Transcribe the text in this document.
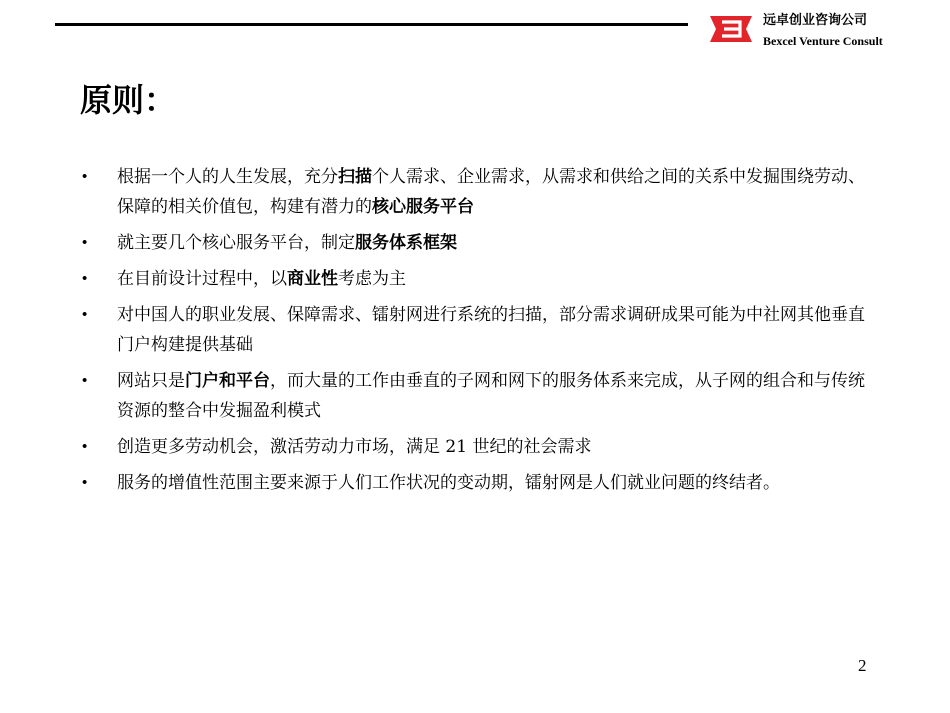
远卓创业咨询公司
Bexcel Venture Consult
原则：
• 根据一个人的人生发展，充分扫描个人需求、企业需求，从需求和供给之间的关系中发掘围绕劳动、保障的相关价值包，构建有潜力的核心服务平台
• 就主要几个核心服务平台，制定服务体系框架
• 在目前设计过程中，以商业性考虑为主
• 对中国人的职业发展、保障需求、镭射网进行系统的扫描，部分需求调研成果可能为中社网其他垂直门户构建提供基础
• 网站只是门户和平台，而大量的工作由垂直的子网和网下的服务体系来完成，从子网的组合和与传统资源的整合中发掘盈利模式
• 创造更多劳动机会，激活劳动力市场，满足 21 世纪的社会需求
• 服务的增值性范围主要来源于人们工作状况的变动期，镭射网是人们就业问题的终结者。
2
